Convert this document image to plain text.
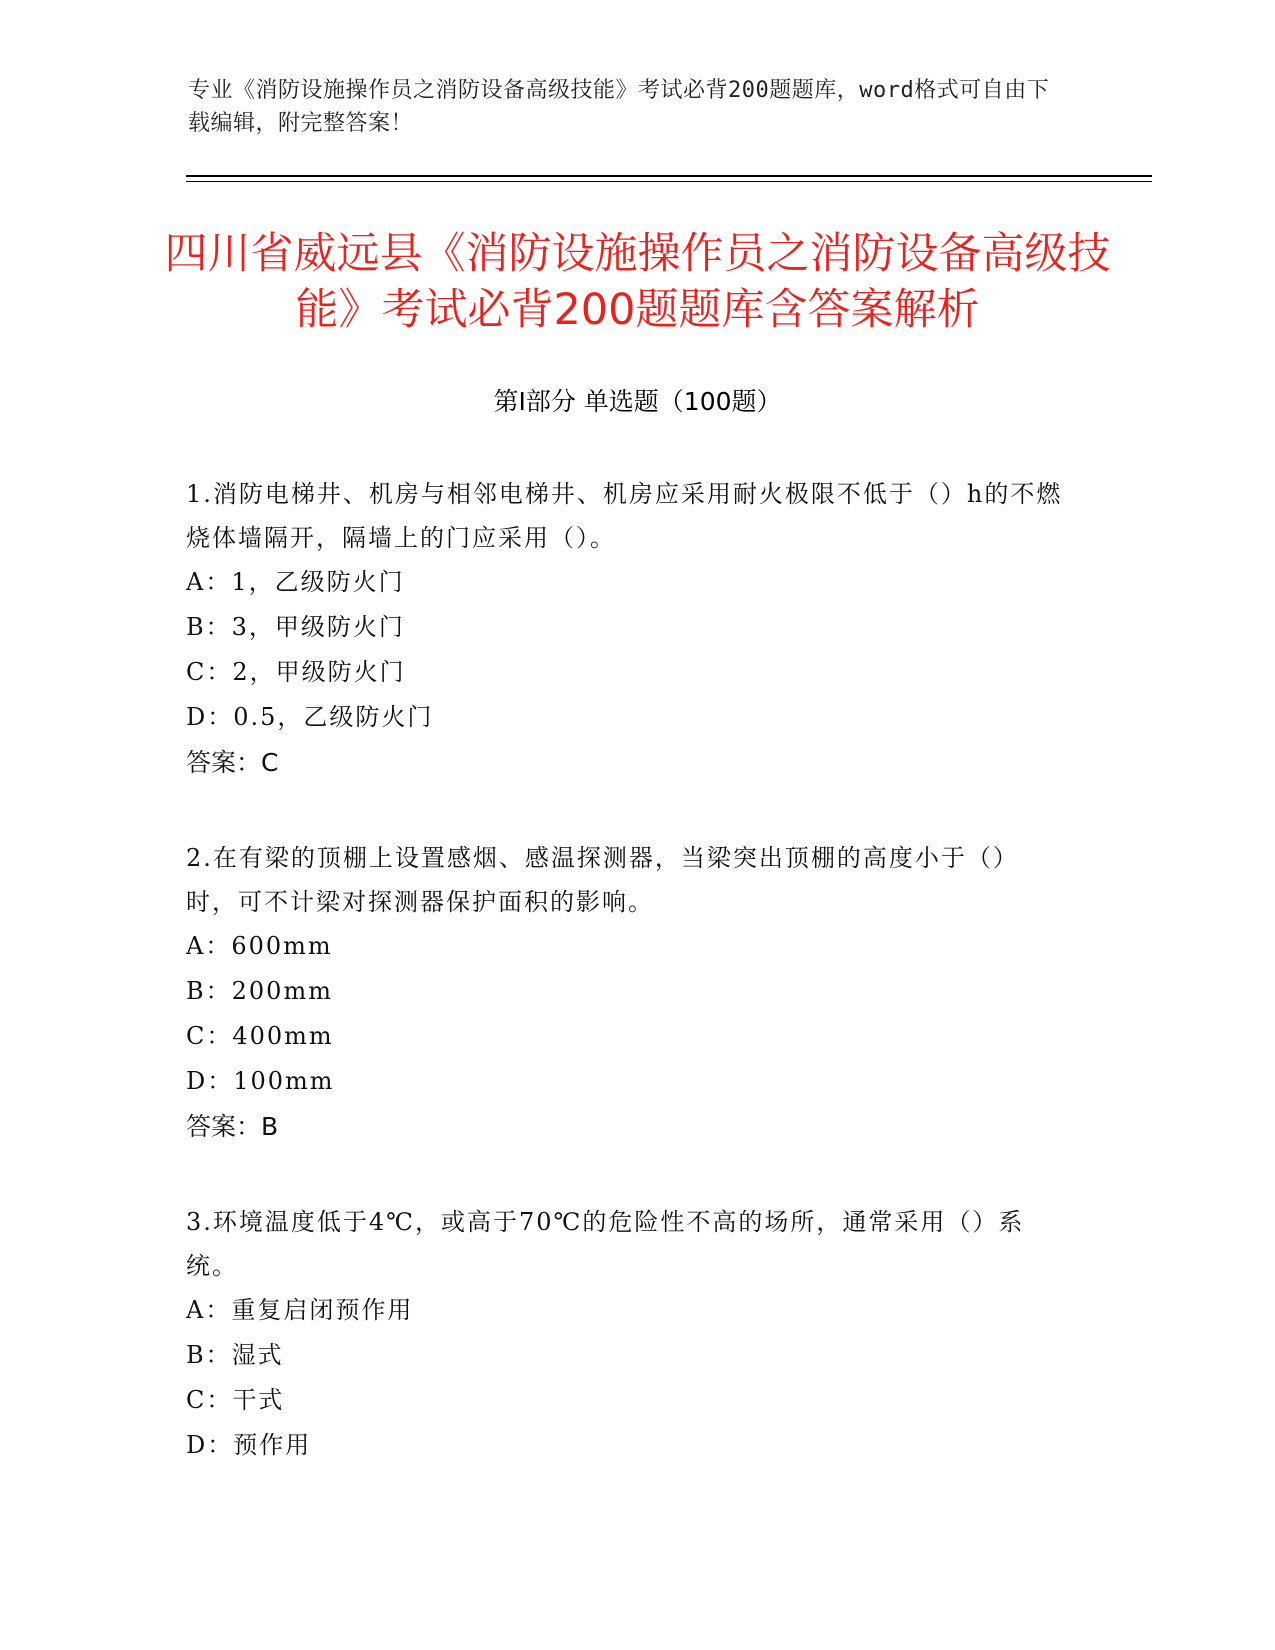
专业《消防设施操作员之消防设备高级技能》考试必背200题题库，word格式可自由下载编辑，附完整答案！
四川省威远县《消防设施操作员之消防设备高级技能》考试必背200题题库含答案解析
第Ⅰ部分 单选题（100题）

1.消防电梯井、机房与相邻电梯井、机房应采用耐火极限不低于（）h的不燃烧体墙隔开，隔墙上的门应采用（）。

A：1，乙级防火门

B：3，甲级防火门

C：2，甲级防火门

D：0.5，乙级防火门

答案：C

2.在有梁的顶棚上设置感烟、感温探测器，当梁突出顶棚的高度小于（）时，可不计梁对探测器保护面积的影响。

A：600mm

B：200mm

C：400mm

D：100mm

答案：B

3.环境温度低于4℃，或高于70℃的危险性不高的场所，通常采用（）系统。

A：重复启闭预作用

B：湿式

C：干式

D：预作用
